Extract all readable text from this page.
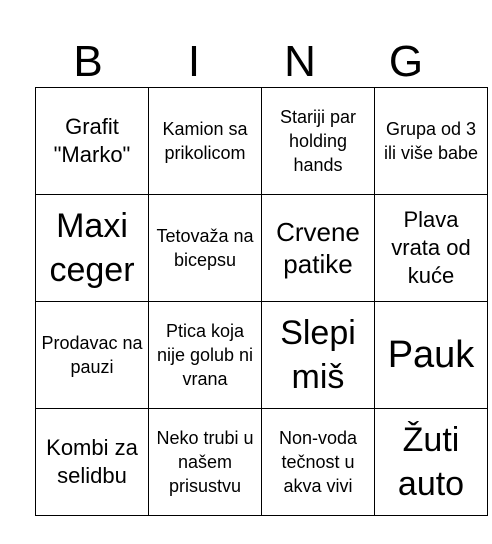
B	I	N	G
Grafit "Marko"	Kamion sa prikolicom	Stariji par holding hands	Grupa od 3 ili više babe

Maxi ceger	Tetovaža na bicepsu	Crvene patike	Plava vrata od kuće

Prodavac na pauzi	Ptica koja nije golub ni vrana	Slepi miš	Pauk

Kombi za selidbu	Neko trubi u našem prisustvu	Non-voda tečnost u akva vivi	Žuti auto
